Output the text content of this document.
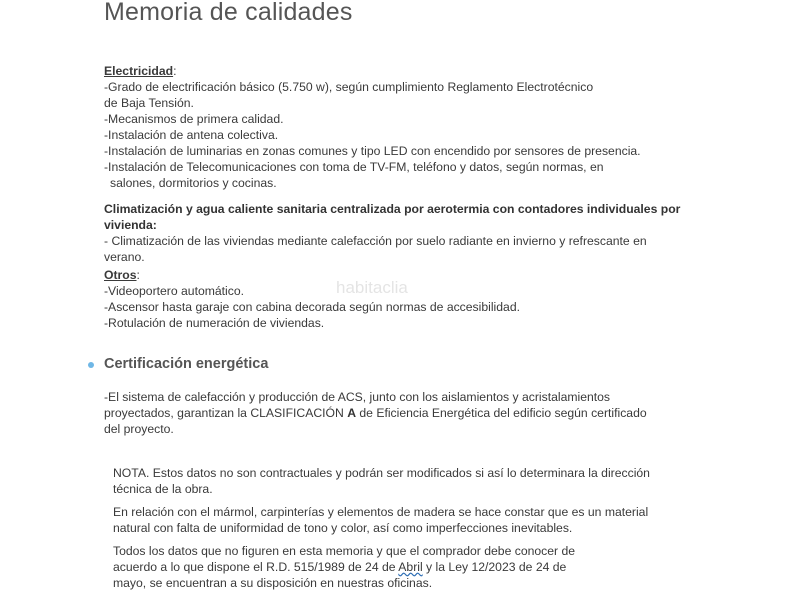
Memoria de calidades
Electricidad:
-Grado de electrificación básico (5.750 w), según cumplimiento Reglamento Electrotécnico
de Baja Tensión.
-Mecanismos de primera calidad.
-Instalación de antena colectiva.
-Instalación de luminarias en zonas comunes y tipo LED con encendido por sensores de presencia.
-Instalación de Telecomunicaciones con toma de TV-FM, teléfono y datos, según normas, en
salones, dormitorios y cocinas.
Climatización y agua caliente sanitaria centralizada por aerotermia con contadores individuales por
vivienda:
- Climatización de las viviendas mediante calefacción por suelo radiante en invierno y refrescante en
verano.
Otros:
-Videoportero automático.
-Ascensor hasta garaje con cabina decorada según normas de accesibilidad.
-Rotulación de numeración de viviendas.
habitaclia
Certificación energética
-El sistema de calefacción y producción de ACS, junto con los aislamientos y acristalamientos
proyectados, garantizan la CLASIFICACIÓN A de Eficiencia Energética del edificio según certificado
del proyecto.
NOTA. Estos datos no son contractuales y podrán ser modificados si así lo determinara la dirección
técnica de la obra.
En relación con el mármol, carpinterías y elementos de madera se hace constar que es un material
natural con falta de uniformidad de tono y color, así como imperfecciones inevitables.
Todos los datos que no figuren en esta memoria y que el comprador debe conocer de
acuerdo a lo que dispone el R.D. 515/1989 de 24 de Abril y la Ley 12/2023 de 24 de
mayo, se encuentran a su disposición en nuestras oficinas.
